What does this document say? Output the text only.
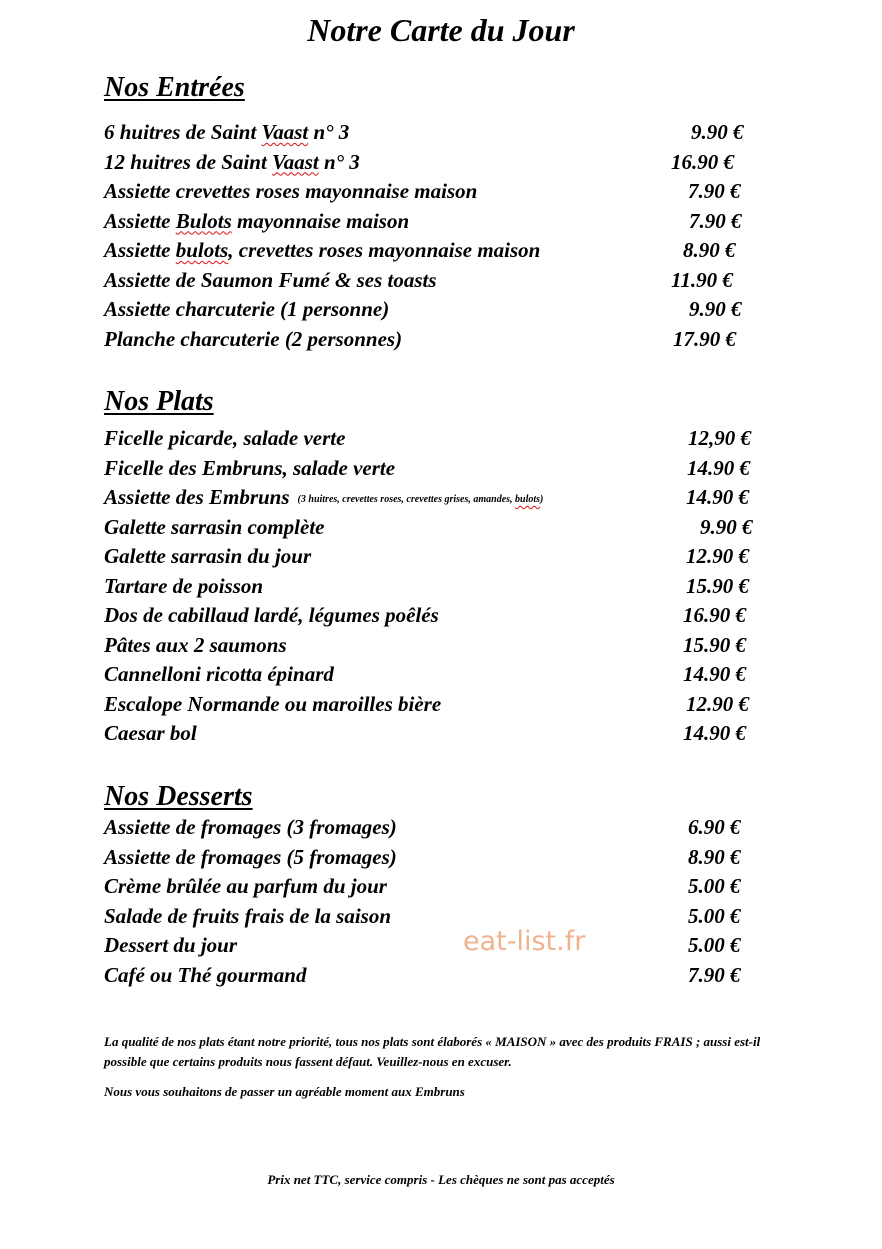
Notre Carte du Jour
Nos Entrées
6 huitres de Saint Vaast n° 3	9.90 €
12 huitres de Saint Vaast n° 3	16.90 €
Assiette crevettes roses mayonnaise maison	7.90 €
Assiette Bulots mayonnaise maison	7.90 €
Assiette bulots, crevettes roses mayonnaise maison	8.90 €
Assiette de Saumon Fumé & ses toasts	11.90 €
Assiette charcuterie (1 personne)	9.90 €
Planche charcuterie (2 personnes)	17.90 €
Nos Plats
Ficelle picarde, salade verte	12,90 €
Ficelle des Embruns, salade verte	14.90 €
Assiette des Embruns (3 huitres, crevettes roses, crevettes grises, amandes, bulots)	14.90 €
Galette sarrasin complète	9.90 €
Galette sarrasin du jour	12.90 €
Tartare de poisson	15.90 €
Dos de cabillaud lardé, légumes poêlés	16.90 €
Pâtes aux 2 saumons	15.90 €
Cannelloni ricotta épinard	14.90 €
Escalope Normande ou maroilles bière	12.90 €
Caesar bol	14.90 €
Nos Desserts
Assiette de fromages (3 fromages)	6.90 €
Assiette de fromages (5 fromages)	8.90 €
Crème brûlée au parfum du jour	5.00 €
Salade de fruits frais de la saison	5.00 €
Dessert du jour	5.00 €
Café ou Thé gourmand	7.90 €
eat-list.fr

La qualité de nos plats étant notre priorité, tous nos plats sont élaborés « MAISON » avec des produits FRAIS ; aussi est-il possible que certains produits nous fassent défaut. Veuillez-nous en excuser.

Nous vous souhaitons de passer un agréable moment aux Embruns

Prix net TTC, service compris - Les chèques ne sont pas acceptés
